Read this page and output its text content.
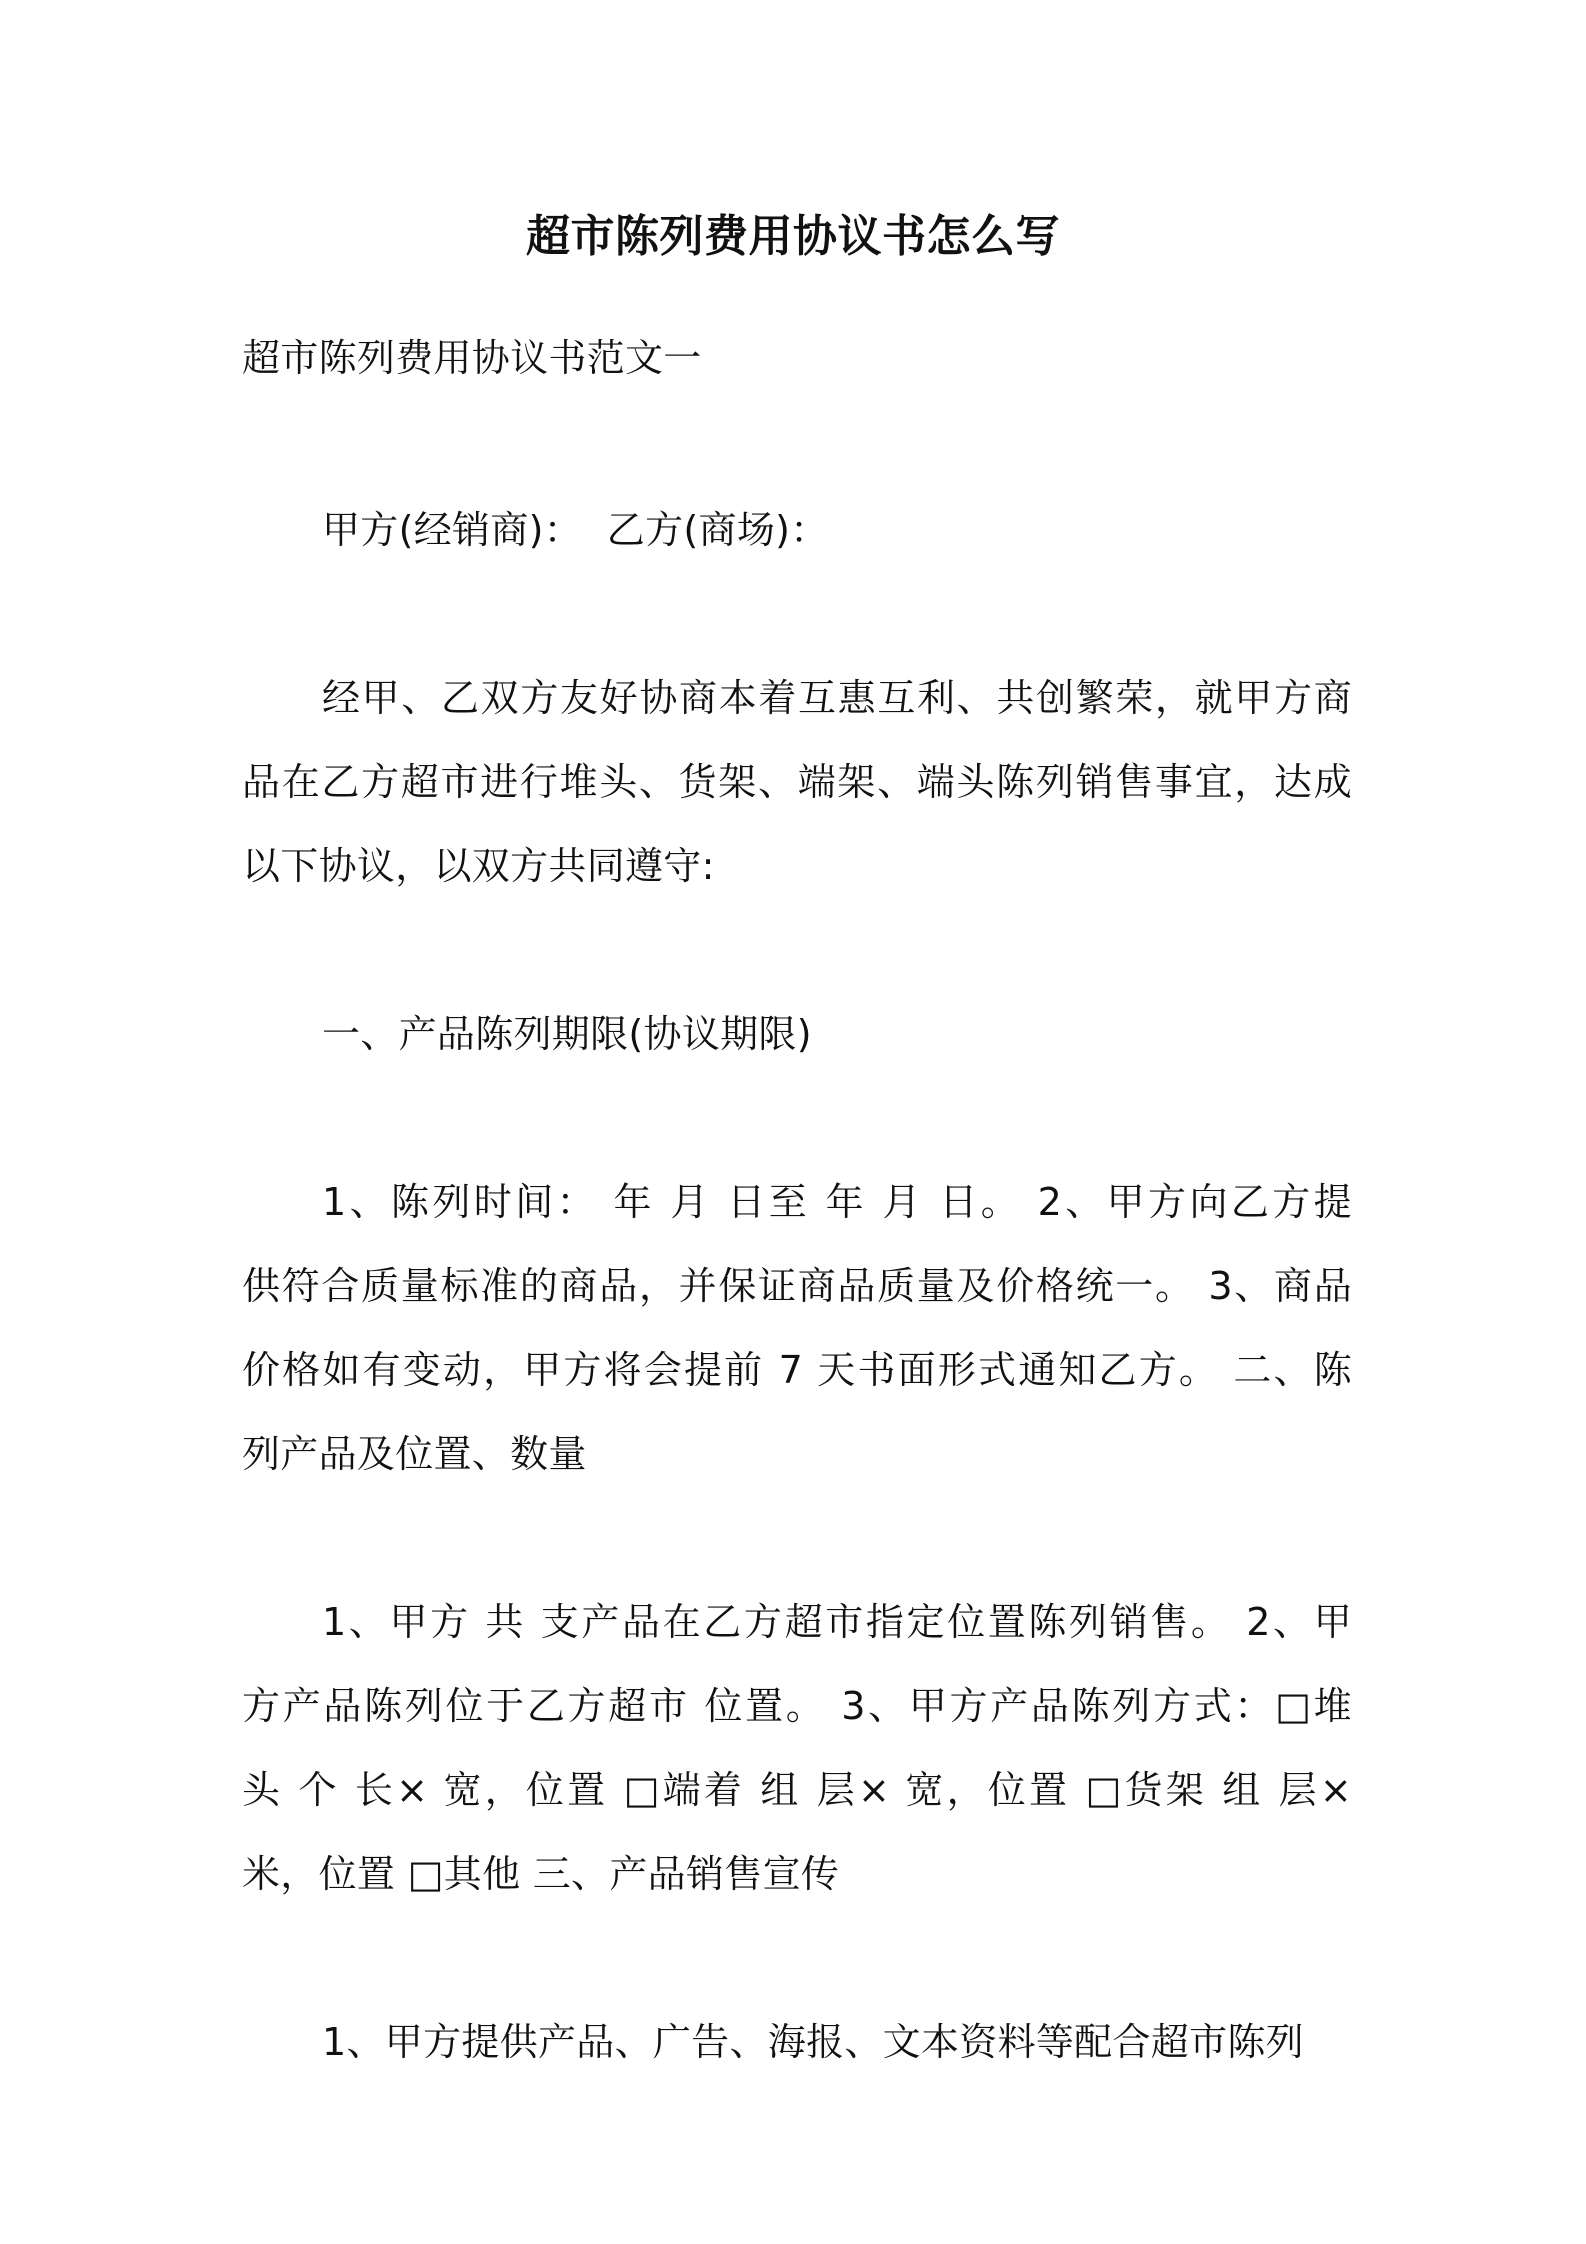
超市陈列费用协议书怎么写
超市陈列费用协议书范文一
甲方(经销商)：  乙方(商场)：
经甲、乙双方友好协商本着互惠互利、共创繁荣，就甲方商
品在乙方超市进行堆头、货架、端架、端头陈列销售事宜，达成
以下协议，以双方共同遵守:
一、产品陈列期限(协议期限)
1、陈列时间： 年 月 日至 年 月 日。 2、甲方向乙方提
供符合质量标准的商品，并保证商品质量及价格统一。 3、商品
价格如有变动，甲方将会提前 7 天书面形式通知乙方。 二、陈
列产品及位置、数量
1、甲方 共 支产品在乙方超市指定位置陈列销售。 2、甲
方产品陈列位于乙方超市 位置。 3、甲方产品陈列方式：□堆
头 个 长× 宽，位置 □端着 组 层× 宽，位置 □货架 组 层×
米，位置 □其他 三、产品销售宣传
1、甲方提供产品、广告、海报、文本资料等配合超市陈列
